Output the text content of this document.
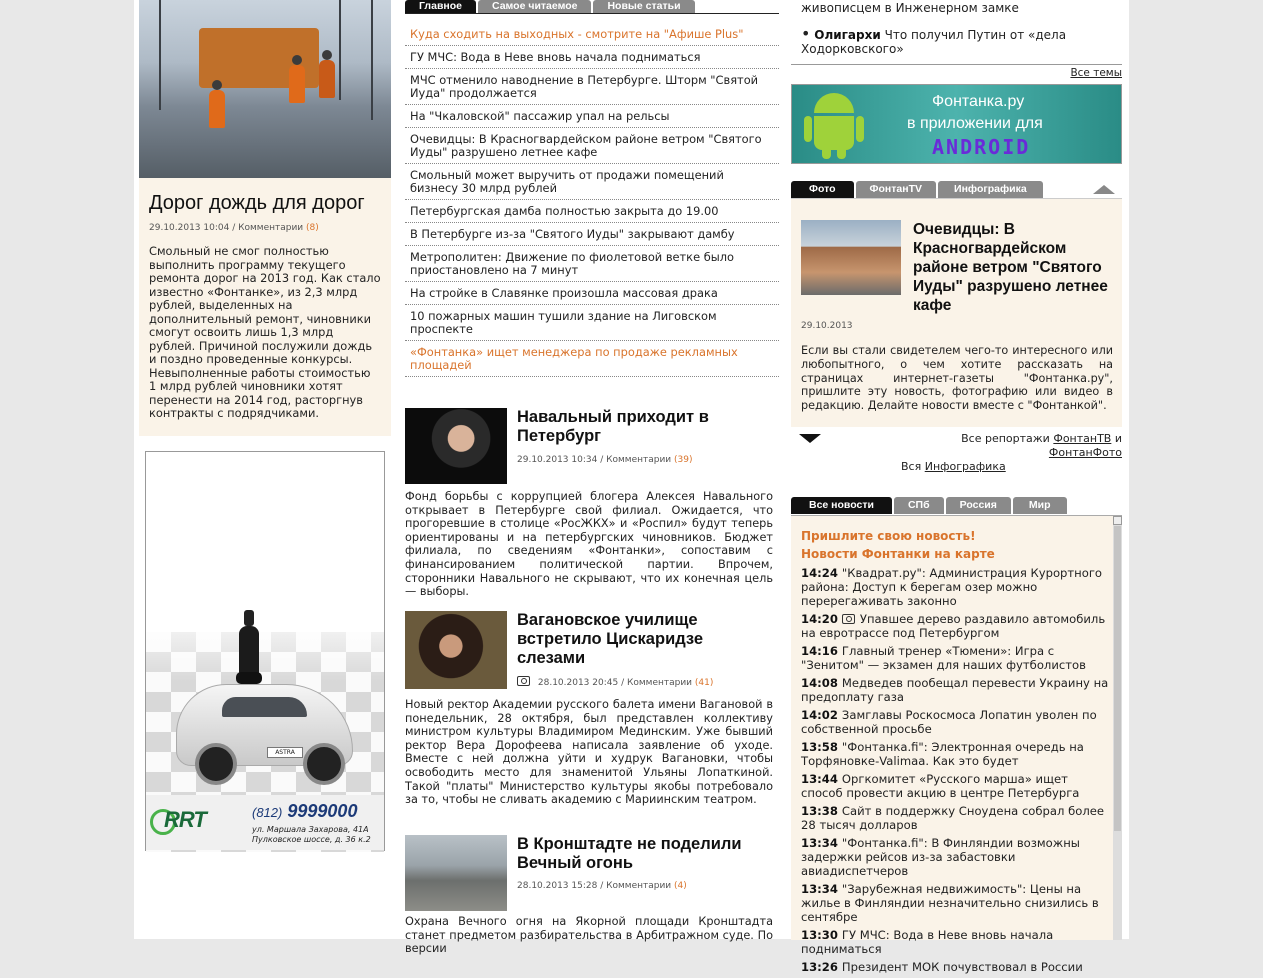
Дорог дождь для дорог
29.10.2013 10:04 / Комментарии (8)
Смольный не смог полностью выполнить программу текущего ремонта дорог на 2013 год. Как стало известно «Фонтанке», из 2,3 млрд рублей, выделенных на дополнительный ремонт, чиновники смогут освоить лишь 1,3 млрд рублей. Причиной послужили дождь и поздно проведенные конкурсы. Невыполненные работы стоимостью 1 млрд рублей чиновники хотят перенести на 2014 год, расторгнув контракты с подрядчиками.
ASTRA
RRT	(812) 9999000
ул. Маршала Захарова, 41А
Пулковское шоссе, д. 36 к.2
Главное	Самое читаемое	Новые статьи
Куда сходить на выходных - смотрите на "Афише Plus"
ГУ МЧС: Вода в Неве вновь начала подниматься
МЧС отменило наводнение в Петербурге. Шторм "Святой Иуда" продолжается
На "Чкаловской" пассажир упал на рельсы
Очевидцы: В Красногвардейском районе ветром "Святого Иуды" разрушено летнее кафе
Смольный может выручить от продажи помещений бизнесу 30 млрд рублей
Петербургская дамба полностью закрыта до 19.00
В Петербурге из-за "Святого Иуды" закрывают дамбу
Метрополитен: Движение по фиолетовой ветке было приостановлено на 7 минут
На стройке в Славянке произошла массовая драка
10 пожарных машин тушили здание на Лиговском проспекте
«Фонтанка» ищет менеджера по продаже рекламных площадей
Навальный приходит в Петербург
29.10.2013 10:34 / Комментарии (39)
Фонд борьбы с коррупцией блогера Алексея Навального открывает в Петербурге свой филиал. Ожидается, что прогоревшие в столице «РосЖКХ» и «Роспил» будут теперь ориентированы и на петербургских чиновников. Бюджет филиала, по сведениям «Фонтанки», сопоставим с финансированием политической партии. Впрочем, сторонники Навального не скрывают, что их конечная цель — выборы.
Вагановское училище встретило Цискаридзе слезами
28.10.2013 20:45 / Комментарии (41)
Новый ректор Академии русского балета имени Вагановой в понедельник, 28 октября, был представлен коллективу министром культуры Владимиром Мединским. Уже бывший ректор Вера Дорофеева написала заявление об уходе. Вместе с ней должна уйти и худрук Вагановки, чтобы освободить место для знаменитой Ульяны Лопаткиной. Такой "платы" Министерство культуры якобы потребовало за то, чтобы не сливать академию с Мариинским театром.
В Кронштадте не поделили Вечный огонь
28.10.2013 15:28 / Комментарии (4)
Охрана Вечного огня на Якорной площади Кронштадта станет предметом разбирательства в Арбитражном суде. По версии
живописцем в Инженерном замке
• Олигархи Что получил Путин от «дела Ходорковского»
Все темы
Фонтанка.ру
в приложении для
ANDROID
Фото	ФонтанTV	Инфографика
Очевидцы: В Красногвардейском районе ветром "Святого Иуды" разрушено летнее кафе
29.10.2013
Если вы стали свидетелем чего-то интересного или любопытного, о чем хотите рассказать на страницах интернет-газеты "Фонтанка.ру", пришлите эту новость, фотографию или видео в редакцию. Делайте новости вместе с "Фонтанкой".
Все репортажи ФонтанТВ и ФонтанФото
Вся Инфографика
Все новости	СПб	Россия	Мир
Пришлите свою новость!
Новости Фонтанки на карте
14:24 "Квадрат.ру": Администрация Курортного района: Доступ к берегам озер можно перерегаживать законно
14:20 Упавшее дерево раздавило автомобиль на евротрассе под Петербургом
14:16 Главный тренер «Тюмени»: Игра с "Зенитом" — экзамен для наших футболистов
14:08 Медведев пообещал перевести Украину на предоплату газа
14:02 Замглавы Роскосмоса Лопатин уволен по собственной просьбе
13:58 "Фонтанка.fi": Электронная очередь на Торфяновке-Valimaa. Как это будет
13:44 Оргкомитет «Русского марша» ищет способ провести акцию в центре Петербурга
13:38 Сайт в поддержку Сноудена собрал более 28 тысяч долларов
13:34 "Фонтанка.fi": В Финляндии возможны задержки рейсов из-за забастовки авиадиспетчеров
13:34 "Зарубежная недвижимость": Цены на жилье в Финляндии незначительно снизились в сентябре
13:30 ГУ МЧС: Вода в Неве вновь начала подниматься
13:26 Президент МОК почувствовал в России
